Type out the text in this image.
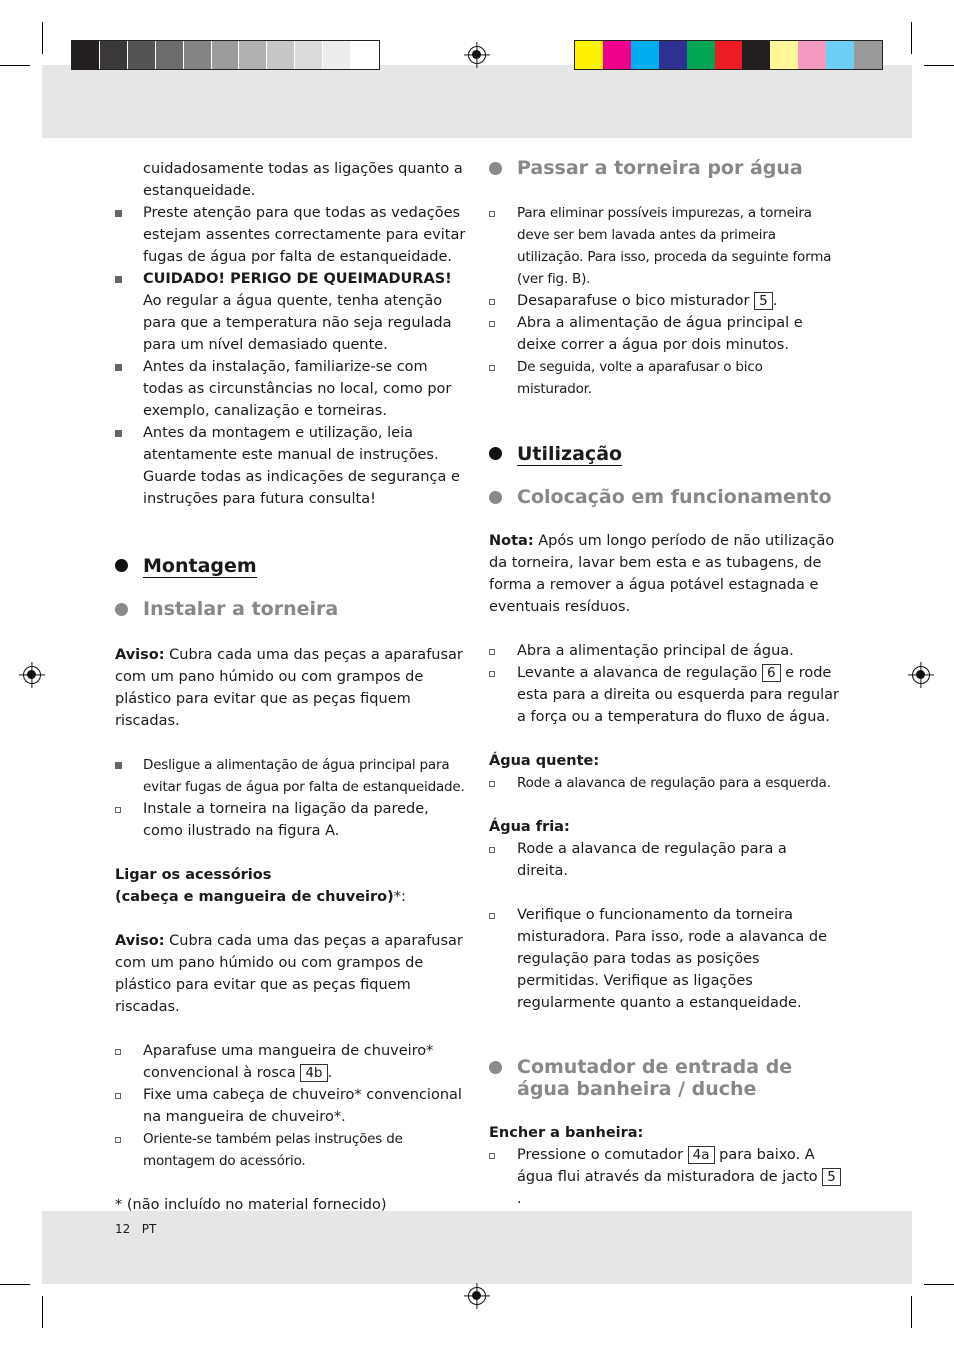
cuidadosamente todas as ligações quanto a estanqueidade.
Preste atenção para que todas as vedações estejam assentes correctamente para evitar fugas de água por falta de estanqueidade.
CUIDADO! PERIGO DE QUEIMADURAS!
Ao regular a água quente, tenha atenção para que a temperatura não seja regulada para um nível demasiado quente.
Antes da instalação, familiarize-se com todas as circunstâncias no local, como por exemplo, canalização e torneiras.
Antes da montagem e utilização, leia atentamente este manual de instruções. Guarde todas as indicações de segurança e instruções para futura consulta!
Montagem
Instalar a torneira
Aviso: Cubra cada uma das peças a aparafusar com um pano húmido ou com grampos de plástico para evitar que as peças fiquem riscadas.
Desligue a alimentação de água principal para evitar fugas de água por falta de estanqueidade.
Instale a torneira na ligação da parede, como ilustrado na figura A.
Ligar os acessórios
(cabeça e mangueira de chuveiro)*:
Aviso: Cubra cada uma das peças a aparafusar com um pano húmido ou com grampos de plástico para evitar que as peças fiquem riscadas.
Aparafuse uma mangueira de chuveiro* convencional à rosca 4b .
Fixe uma cabeça de chuveiro* convencional na mangueira de chuveiro*.
Oriente-se também pelas instruções de montagem do acessório.
* (não incluído no material fornecido)
Passar a torneira por água
Para eliminar possíveis impurezas, a torneira deve ser bem lavada antes da primeira utilização. Para isso, proceda da seguinte forma (ver fig. B).
Desaparafuse o bico misturador 5 .
Abra a alimentação de água principal e deixe correr a água por dois minutos.
De seguida, volte a aparafusar o bico misturador.
Utilização
Colocação em funcionamento
Nota: Após um longo período de não utilização da torneira, lavar bem esta e as tubagens, de forma a remover a água potável estagnada e eventuais resíduos.
Abra a alimentação principal de água.
Levante a alavanca de regulação 6 e rode esta para a direita ou esquerda para regular a força ou a temperatura do fluxo de água.
Água quente:
Rode a alavanca de regulação para a esquerda.
Água fria:
Rode a alavanca de regulação para a direita.
Verifique o funcionamento da torneira misturadora. Para isso, rode a alavanca de regulação para todas as posições permitidas. Verifique as ligações regularmente quanto a estanqueidade.
Comutador de entrada de
água banheira / duche
Encher a banheira:
Pressione o comutador 4a para baixo. A água flui através da misturadora de jacto 5.
12 PT
